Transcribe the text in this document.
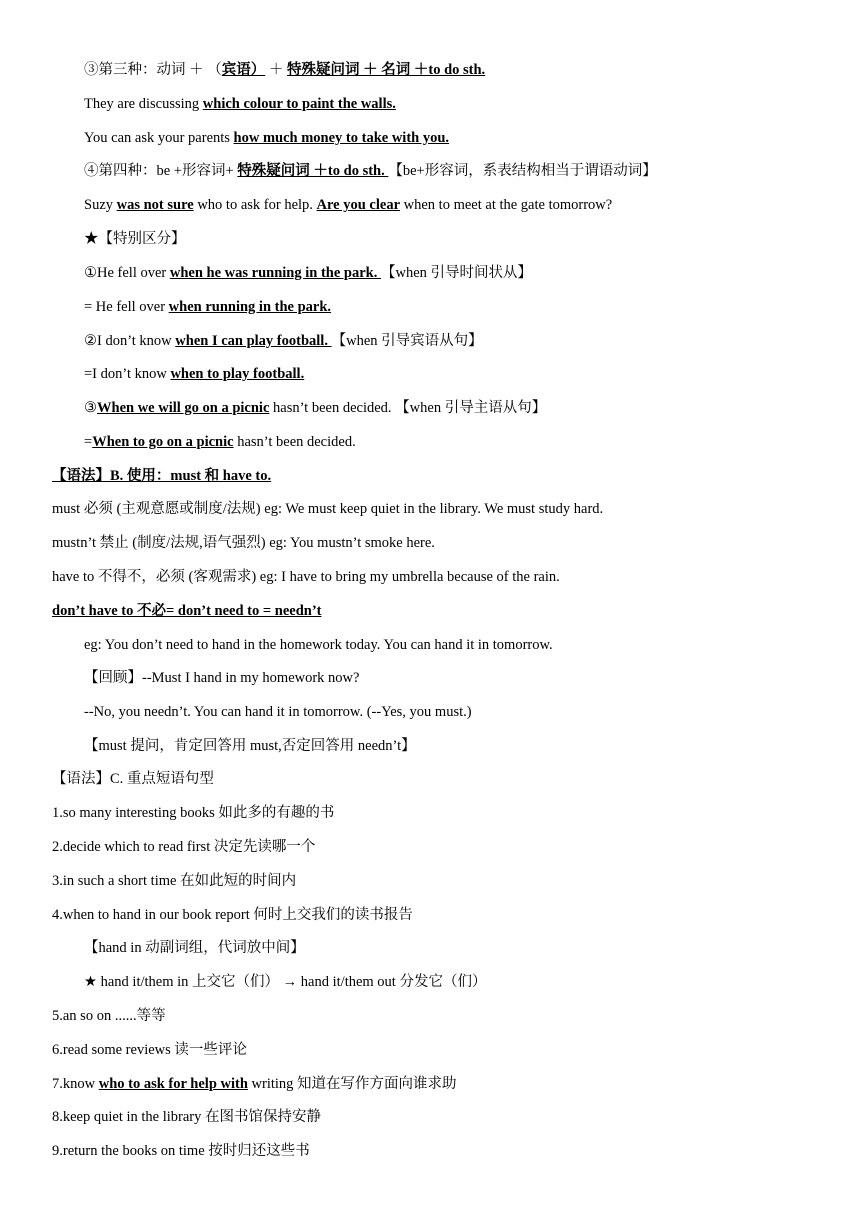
③第三种：动词 ＋ （宾语） ＋ 特殊疑问词 ＋ 名词 ＋to do sth.
They are discussing which colour to paint the walls.
You can ask your parents how much money to take with you.
④第四种：be +形容词+ 特殊疑问词 ＋to do sth. 【be+形容词，系表结构相当于谓语动词】
Suzy was not sure who to ask for help. Are you clear when to meet at the gate tomorrow?
★【特别区分】
①He fell over when he was running in the park. 【when 引导时间状从】
= He fell over when running in the park.
②I don’t know when I can play football. 【when 引导宾语从句】
=I don’t know when to play football.
③When we will go on a picnic hasn’t been decided. 【when 引导主语从句】
=When to go on a picnic hasn’t been decided.
【语法】B. 使用：must 和 have to.
must 必须 (主观意愿或制度/法规) eg: We must keep quiet in the library. We must study hard.
mustn’t 禁止 (制度/法规,语气强烈) eg: You mustn’t smoke here.
have to 不得不，必须 (客观需求) eg: I have to bring my umbrella because of the rain.
don’t have to 不必= don’t need to = needn’t
eg: You don’t need to hand in the homework today. You can hand it in tomorrow.
【回顾】--Must I hand in my homework now?
--No, you needn’t. You can hand it in tomorrow. (--Yes, you must.)
【must 提问，肯定回答用 must,否定回答用 needn’t】
【语法】C. 重点短语句型
1.so many interesting books 如此多的有趣的书
2.decide which to read first 决定先读哪一个
3.in such a short time 在如此短的时间内
4.when to hand in our book report 何时上交我们的读书报告
【hand in 动副词组，代词放中间】
★ hand it/them in 上交它（们） → hand it/them out 分发它（们）
5.an so on ......等等
6.read some reviews 读一些评论
7.know who to ask for help with writing 知道在写作方面向谁求助
8.keep quiet in the library 在图书馆保持安静
9.return the books on time 按时归还这些书
